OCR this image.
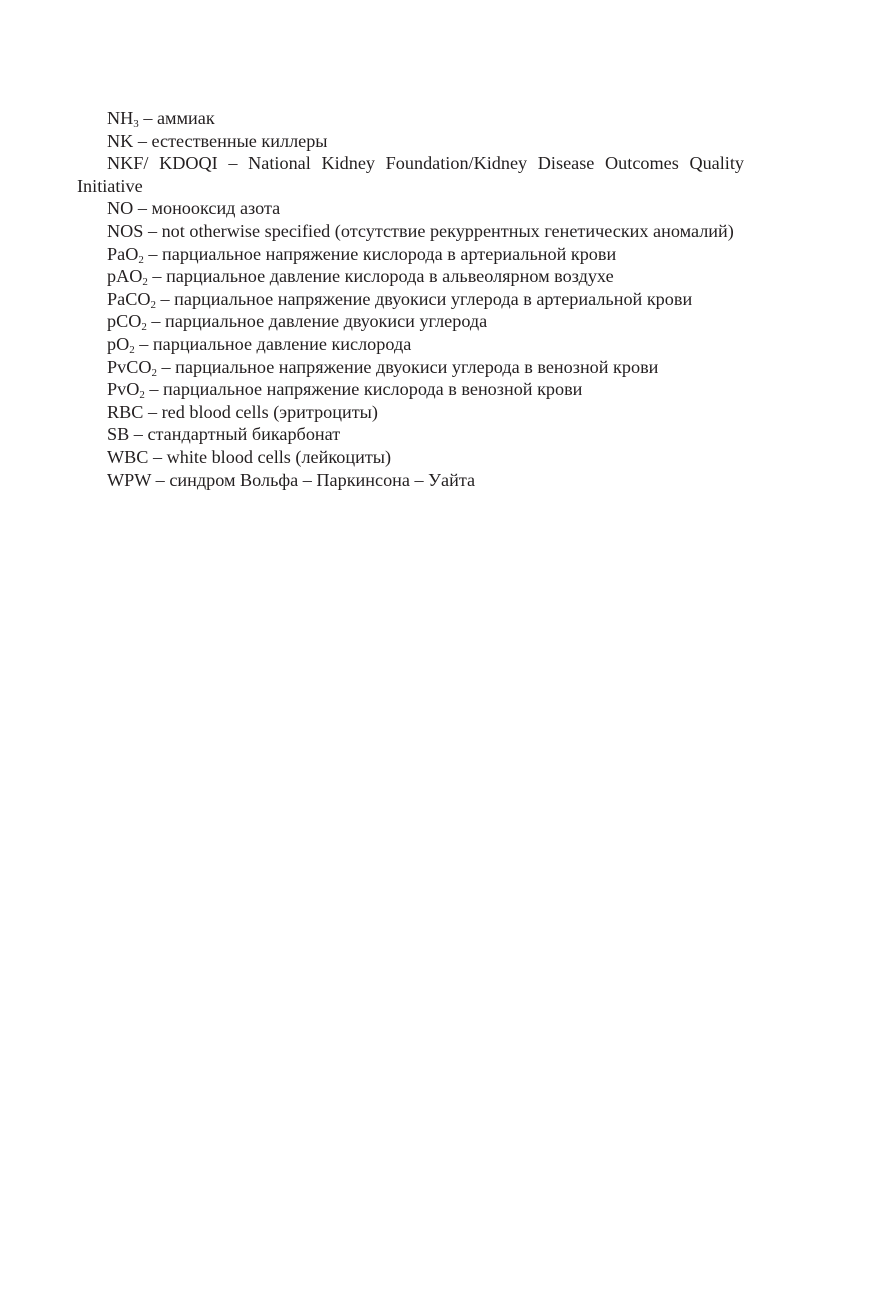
NH3 – аммиак

NK – естественные киллеры

NKF/ KDOQI – National Kidney Foundation/Kidney Disease Outcomes Quality Initiative

NO – монооксид азота

NOS – not otherwise specified (отсутствие рекуррентных генетических аномалий)

PaO2 – парциальное напряжение кислорода в артериальной крови

pAO2 – парциальное давление кислорода в альвеолярном воздухе

PaCO2 – парциальное напряжение двуокиси углерода в артериальной крови

pCO2 – парциальное давление двуокиси углерода

pO2 – парциальное давление кислорода

PvCO2 – парциальное напряжение двуокиси углерода в венозной крови

PvO2 – парциальное напряжение кислорода в венозной крови

RBC – red blood cells (эритроциты)

SB – стандартный бикарбонат

WBC – white blood cells (лейкоциты)

WPW – синдром Вольфа – Паркинсона – Уайта
